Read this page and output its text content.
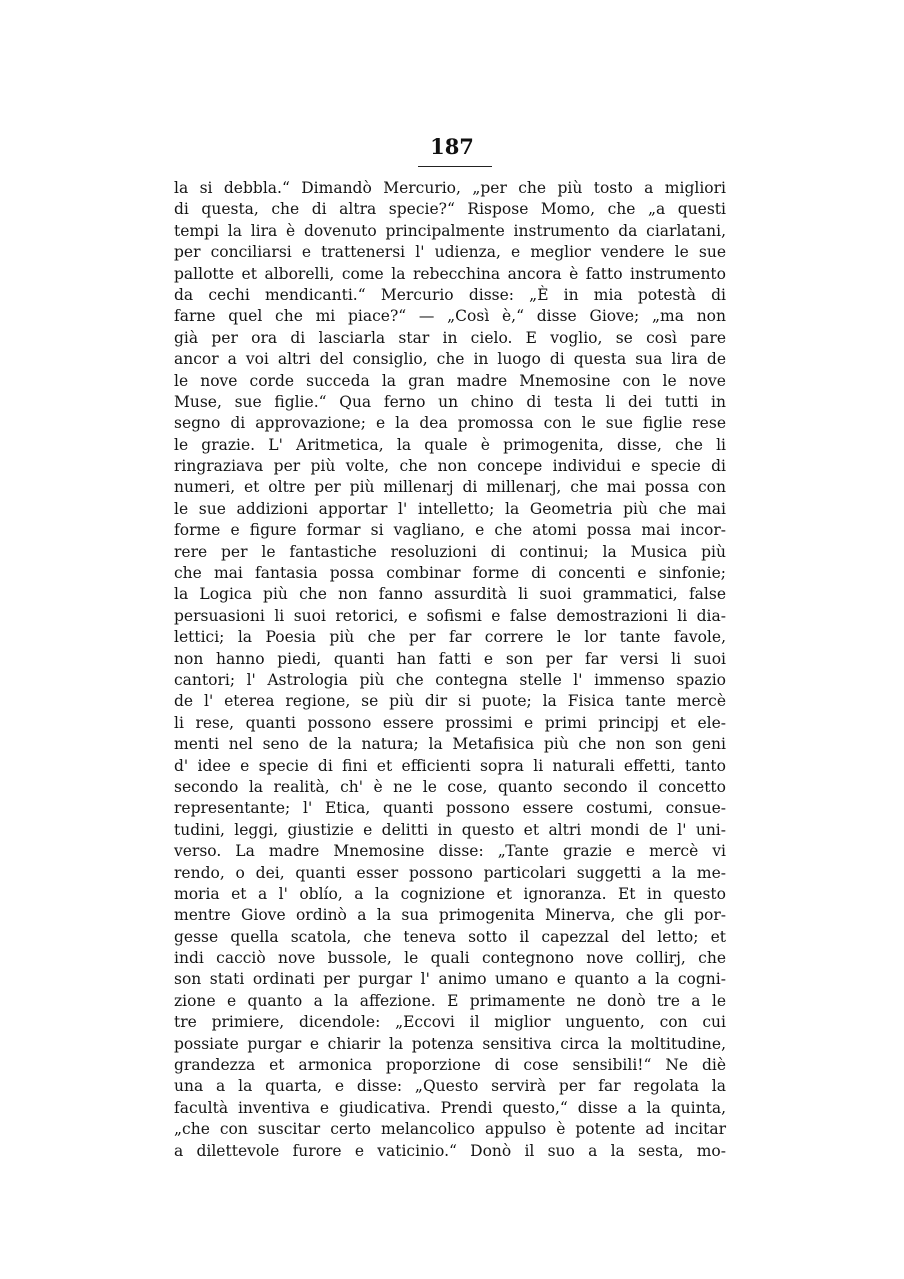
187
la si debbla.“ Dimandò Mercurio, „per che più tosto a migliori
di questa, che di altra specie?“ Rispose Momo, che „a questi
tempi la lira è dovenuto principalmente instrumento da ciarlatani,
per conciliarsi e trattenersi l' udienza, e meglior vendere le sue
pallotte et alborelli, come la rebecchina ancora è fatto instrumento
da cechi mendicanti.“ Mercurio disse: „È in mia potestà di
farne quel che mi piace?“ — „Così è,“ disse Giove; „ma non
già per ora di lasciarla star in cielo. E voglio, se così pare
ancor a voi altri del consiglio, che in luogo di questa sua lira de
le nove corde succeda la gran madre Mnemosine con le nove
Muse, sue figlie.“ Qua ferno un chino di testa li dei tutti in
segno di approvazione; e la dea promossa con le sue figlie rese
le grazie. L' Aritmetica, la quale è primogenita, disse, che li
ringraziava per più volte, che non concepe individui e specie di
numeri, et oltre per più millenarj di millenarj, che mai possa con
le sue addizioni apportar l' intelletto; la Geometria più che mai
forme e figure formar si vagliano, e che atomi possa mai incor-
rere per le fantastiche resoluzioni di continui; la Musica più
che mai fantasia possa combinar forme di concenti e sinfonie;
la Logica più che non fanno assurdità li suoi grammatici, false
persuasioni li suoi retorici, e sofismi e false demostrazioni li dia-
lettici; la Poesia più che per far correre le lor tante favole,
non hanno piedi, quanti han fatti e son per far versi li suoi
cantori; l' Astrologia più che contegna stelle l' immenso spazio
de l' eterea regione, se più dir si puote; la Fisica tante mercè
li rese, quanti possono essere prossimi e primi principj et ele-
menti nel seno de la natura; la Metafisica più che non son geni
d' idee e specie di fini et efficienti sopra li naturali effetti, tanto
secondo la realità, ch' è ne le cose, quanto secondo il concetto
representante; l' Etica, quanti possono essere costumi, consue-
tudini, leggi, giustizie e delitti in questo et altri mondi de l' uni-
verso. La madre Mnemosine disse: „Tante grazie e mercè vi
rendo, o dei, quanti esser possono particolari suggetti a la me-
moria et a l' oblío, a la cognizione et ignoranza. Et in questo
mentre Giove ordinò a la sua primogenita Minerva, che gli por-
gesse quella scatola, che teneva sotto il capezzal del letto; et
indi cacciò nove bussole, le quali contegnono nove collirj, che
son stati ordinati per purgar l' animo umano e quanto a la cogni-
zione e quanto a la affezione. E primamente ne donò tre a le
tre primiere, dicendole: „Eccovi il miglior unguento, con cui
possiate purgar e chiarir la potenza sensitiva circa la moltitudine,
grandezza et armonica proporzione di cose sensibili!“ Ne diè
una a la quarta, e disse: „Questo servirà per far regolata la
facultà inventiva e giudicativa. Prendi questo,“ disse a la quinta,
„che con suscitar certo melancolico appulso è potente ad incitar
a dilettevole furore e vaticinio.“ Donò il suo a la sesta, mo-
